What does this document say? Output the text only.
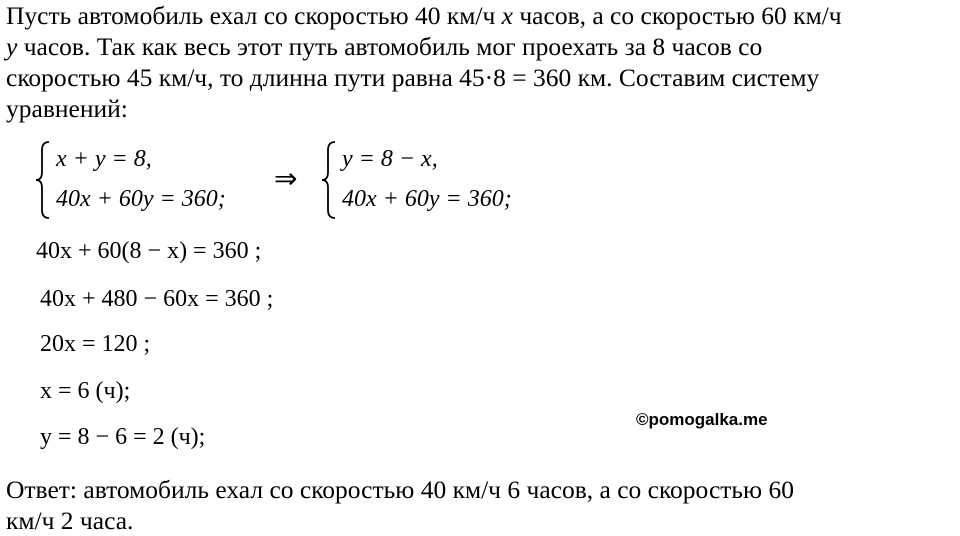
Пусть автомобиль ехал со скоростью 40 км/ч x часов, а со скоростью 60 км/ч
y часов. Так как весь этот путь автомобиль мог проехать за 8 часов со
скоростью 45 км/ч, то длинна пути равна 45·8 = 360 км. Составим систему
уравнений:

x + y = 8,
40x + 60y = 360;
⇒
y = 8 − x,
40x + 60y = 360;
40x + 60(8 − x) = 360 ;
40x + 480 − 60x = 360 ;
20x = 120 ;
x = 6 (ч);
y = 8 − 6 = 2 (ч);
©pomogalka.me

Ответ: автомобиль ехал со скоростью 40 км/ч 6 часов, а со скоростью 60
км/ч 2 часа.
